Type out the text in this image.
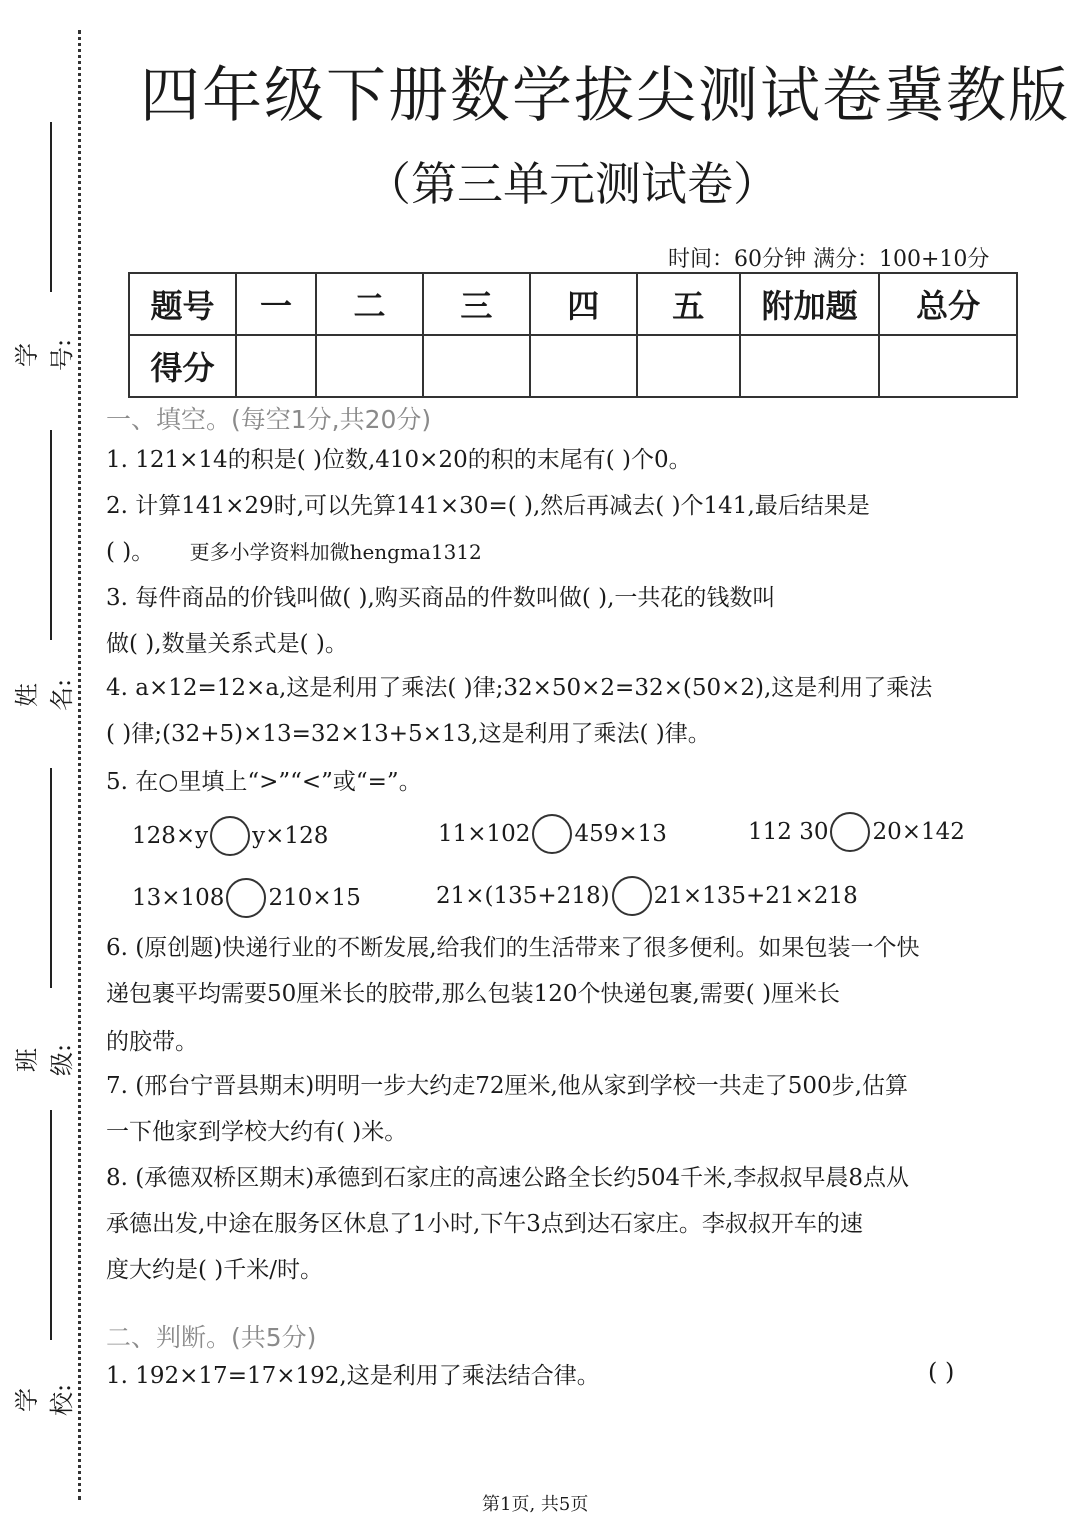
学号:
姓名:
班级:
学校:
四年级下册数学拔尖测试卷冀教版
（第三单元测试卷）
时间：60分钟 满分：100+10分
题号	一	二	三	四	五	附加题	总分
得分							
一、填空。(每空1分,共20分)
1. 121×14的积是( )位数,410×20的积的末尾有( )个0。
2. 计算141×29时,可以先算141×30=( ),然后再减去( )个141,最后结果是
( )。 更多小学资料加微hengma1312
3. 每件商品的价钱叫做( ),购买商品的件数叫做( ),一共花的钱数叫
做( ),数量关系式是( )。
4. a×12=12×a,这是利用了乘法( )律;32×50×2=32×(50×2),这是利用了乘法
( )律;(32+5)×13=32×13+5×13,这是利用了乘法( )律。
5. 在○里填上“>”“<”或“=”。
128×y y×128	11×102 459×13	112 30 20×142
13×108 210×15	21×(135+218) 21×135+21×218
6. (原创题)快递行业的不断发展,给我们的生活带来了很多便利。如果包装一个快
递包裹平均需要50厘米长的胶带,那么包装120个快递包裹,需要( )厘米长
的胶带。
7. (邢台宁晋县期末)明明一步大约走72厘米,他从家到学校一共走了500步,估算
一下他家到学校大约有( )米。
8. (承德双桥区期末)承德到石家庄的高速公路全长约504千米,李叔叔早晨8点从
承德出发,中途在服务区休息了1小时,下午3点到达石家庄。李叔叔开车的速
度大约是( )千米/时。
二、判断。(共5分)
1. 192×17=17×192,这是利用了乘法结合律。	( )
第1页, 共5页
